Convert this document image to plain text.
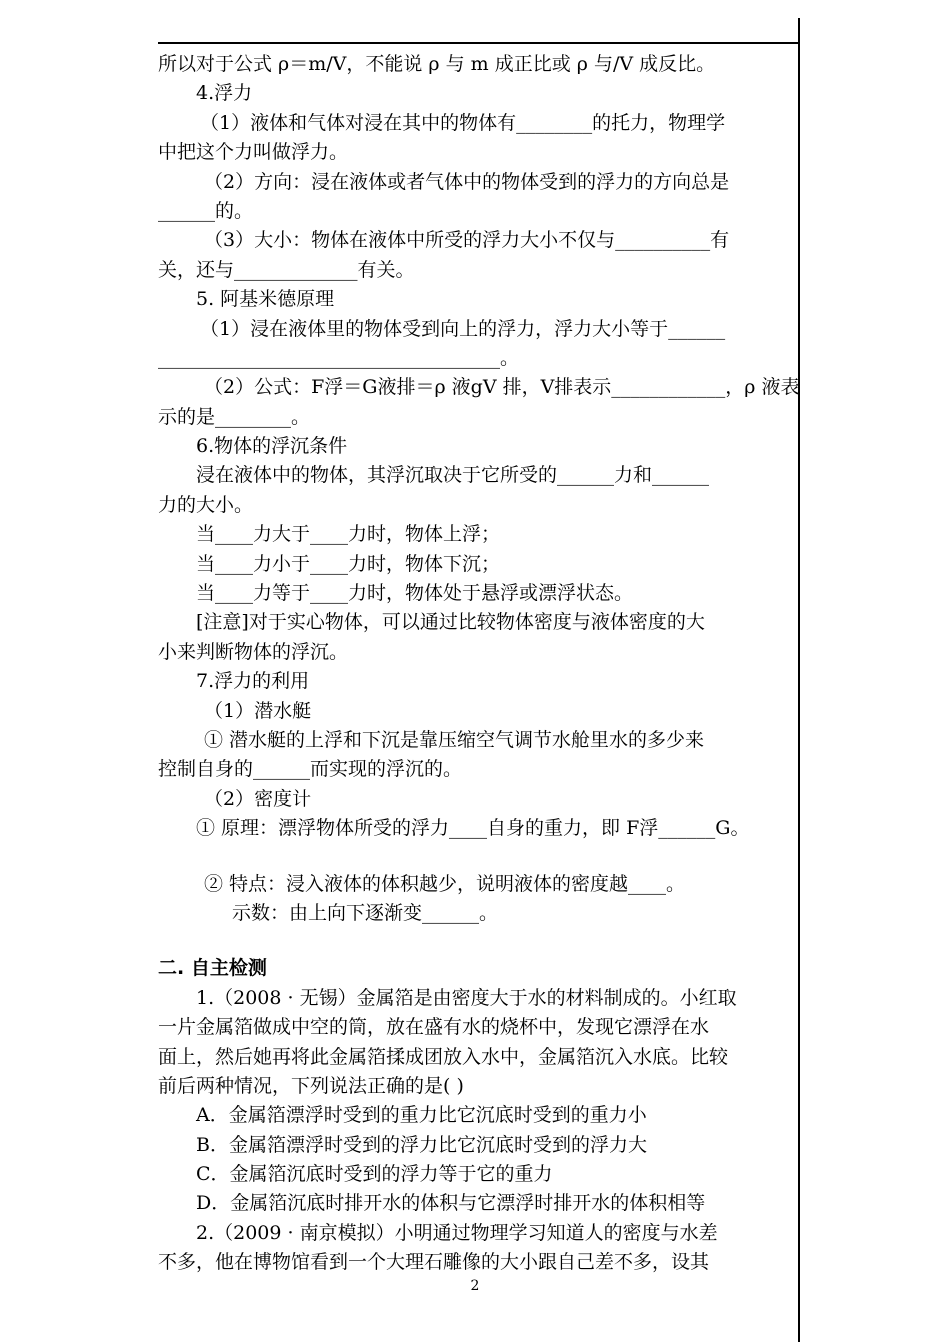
所以对于公式 ρ＝m/V，不能说 ρ 与 m 成正比或 ρ 与/V 成反比。
4.浮力
（1）液体和气体对浸在其中的物体有________的托力，物理学
中把这个力叫做浮力。
（2）方向：浸在液体或者气体中的物体受到的浮力的方向总是
______的。
（3）大小：物体在液体中所受的浮力大小不仅与__________有
关，还与_____________有关。
5. 阿基米德原理
（1）浸在液体里的物体受到向上的浮力，浮力大小等于______
____________________________________。
（2）公式：F浮＝G液排＝ρ 液gV 排，V排表示____________，ρ 液表
示的是________。
6.物体的浮沉条件
浸在液体中的物体，其浮沉取决于它所受的______力和______
力的大小。
当____力大于____力时，物体上浮；
当____力小于____力时，物体下沉；
当____力等于____力时，物体处于悬浮或漂浮状态。
[注意]对于实心物体，可以通过比较物体密度与液体密度的大
小来判断物体的浮沉。
7.浮力的利用
（1）潜水艇
① 潜水艇的上浮和下沉是靠压缩空气调节水舱里水的多少来
控制自身的______而实现的浮沉的。
（2）密度计
① 原理：漂浮物体所受的浮力____自身的重力，即 F浮______G。
② 特点：浸入液体的体积越少，说明液体的密度越____。
示数：由上向下逐渐变______。
二. 自主检测
1.（2008 · 无锡）金属箔是由密度大于水的材料制成的。小红取
一片金属箔做成中空的筒，放在盛有水的烧杯中，发现它漂浮在水
面上，然后她再将此金属箔揉成团放入水中，金属箔沉入水底。比较
前后两种情况，下列说法正确的是( )
A．金属箔漂浮时受到的重力比它沉底时受到的重力小
B．金属箔漂浮时受到的浮力比它沉底时受到的浮力大
C．金属箔沉底时受到的浮力等于它的重力
D．金属箔沉底时排开水的体积与它漂浮时排开水的体积相等
2.（2009 · 南京模拟）小明通过物理学习知道人的密度与水差
不多，他在博物馆看到一个大理石雕像的大小跟自己差不多，设其
2
